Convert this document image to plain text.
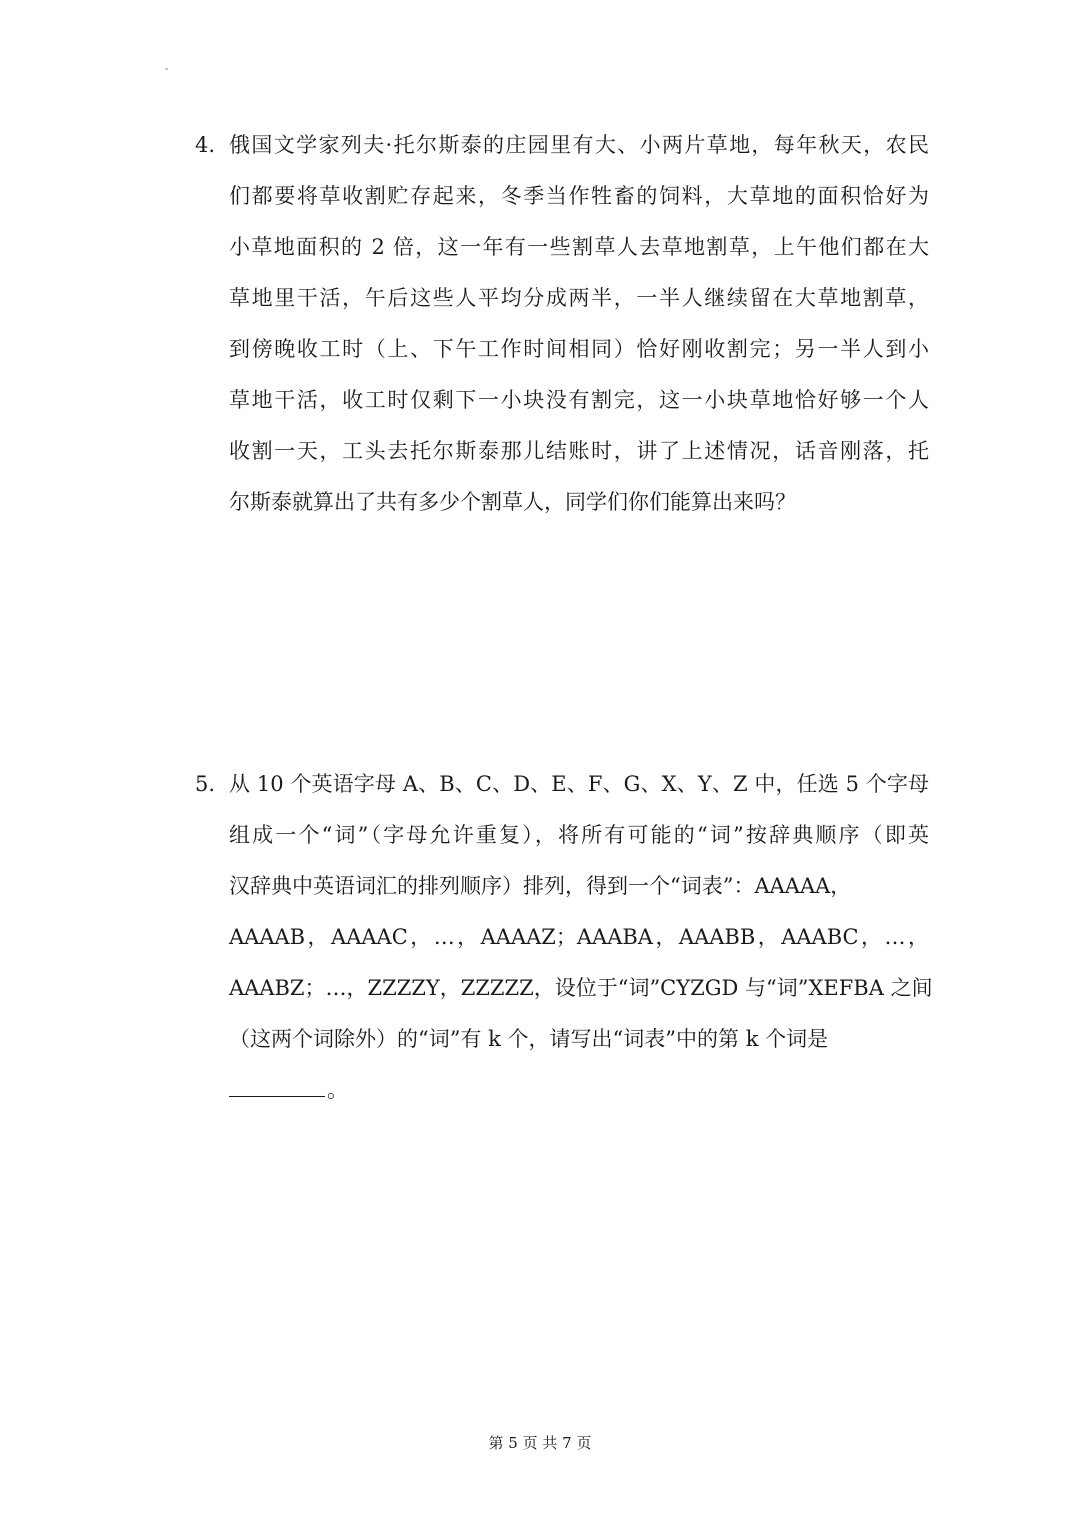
4. 俄国文学家列夫·托尔斯泰的庄园里有大、小两片草地，每年秋天，农民
们都要将草收割贮存起来，冬季当作牲畜的饲料，大草地的面积恰好为
小草地面积的 2 倍，这一年有一些割草人去草地割草，上午他们都在大
草地里干活，午后这些人平均分成两半，一半人继续留在大草地割草，
到傍晚收工时（上、下午工作时间相同）恰好刚收割完；另一半人到小
草地干活，收工时仅剩下一小块没有割完，这一小块草地恰好够一个人
收割一天，工头去托尔斯泰那儿结账时，讲了上述情况，话音刚落，托
尔斯泰就算出了共有多少个割草人，同学们你们能算出来吗？
5. 从 10 个英语字母 A、B、C、D、E、F、G、X、Y、Z 中，任选 5 个字母
组成一个“词”（字母允许重复），将所有可能的“词”按辞典顺序（即英
汉辞典中英语词汇的排列顺序）排列，得到一个“词表”：AAAAA，
AAAAB，AAAAC，…，AAAAZ；AAABA，AAABB，AAABC，…，
AAABZ；…，ZZZZY，ZZZZZ，设位于“词”CYZGD 与“词”XEFBA 之间
（这两个词除外）的“词”有 k 个，请写出“词表”中的第 k 个词是
。
第 5 页 共 7 页
